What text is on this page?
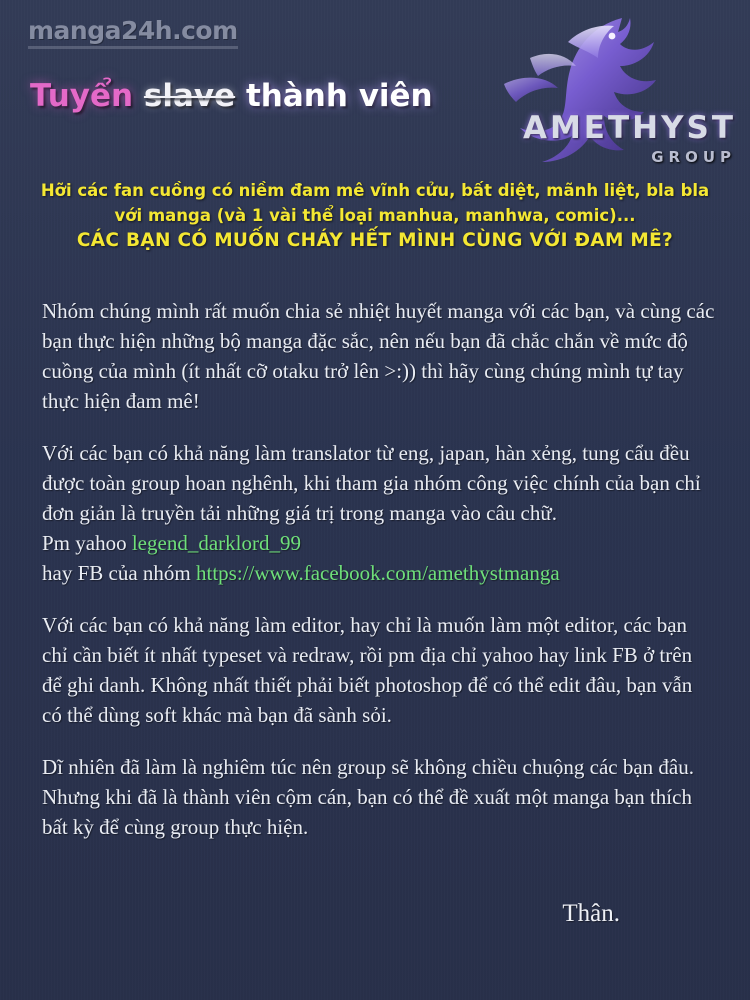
manga24h.com
AMETHYST
GROUP
Tuyển slave thành viên
Hỡi các fan cuồng có niềm đam mê vĩnh cửu, bất diệt, mãnh liệt, bla bla
với manga (và 1 vài thể loại manhua, manhwa, comic)...
CÁC BẠN CÓ MUỐN CHÁY HẾT MÌNH CÙNG VỚI ĐAM MÊ?

Nhóm chúng mình rất muốn chia sẻ nhiệt huyết manga với các bạn, và cùng các bạn thực hiện những bộ manga đặc sắc, nên nếu bạn đã chắc chắn về mức độ cuồng của mình (ít nhất cỡ otaku trở lên >:)) thì hãy cùng chúng mình tự tay thực hiện đam mê!

Với các bạn có khả năng làm translator từ eng, japan, hàn xẻng, tung cẩu đều được toàn group hoan nghênh, khi tham gia nhóm công việc chính của bạn chỉ đơn giản là truyền tải những giá trị trong manga vào câu chữ.
Pm yahoo legend_darklord_99
hay FB của nhóm https://www.facebook.com/amethystmanga

Với các bạn có khả năng làm editor, hay chỉ là muốn làm một editor, các bạn chỉ cần biết ít nhất typeset và redraw, rồi pm địa chỉ yahoo hay link FB ở trên để ghi danh. Không nhất thiết phải biết photoshop để có thể edit đâu, bạn vẫn có thể dùng soft khác mà bạn đã sành sỏi.

Dĩ nhiên đã làm là nghiêm túc nên group sẽ không chiều chuộng các bạn đâu. Nhưng khi đã là thành viên cộm cán, bạn có thể đề xuất một manga bạn thích bất kỳ để cùng group thực hiện.

Thân.
